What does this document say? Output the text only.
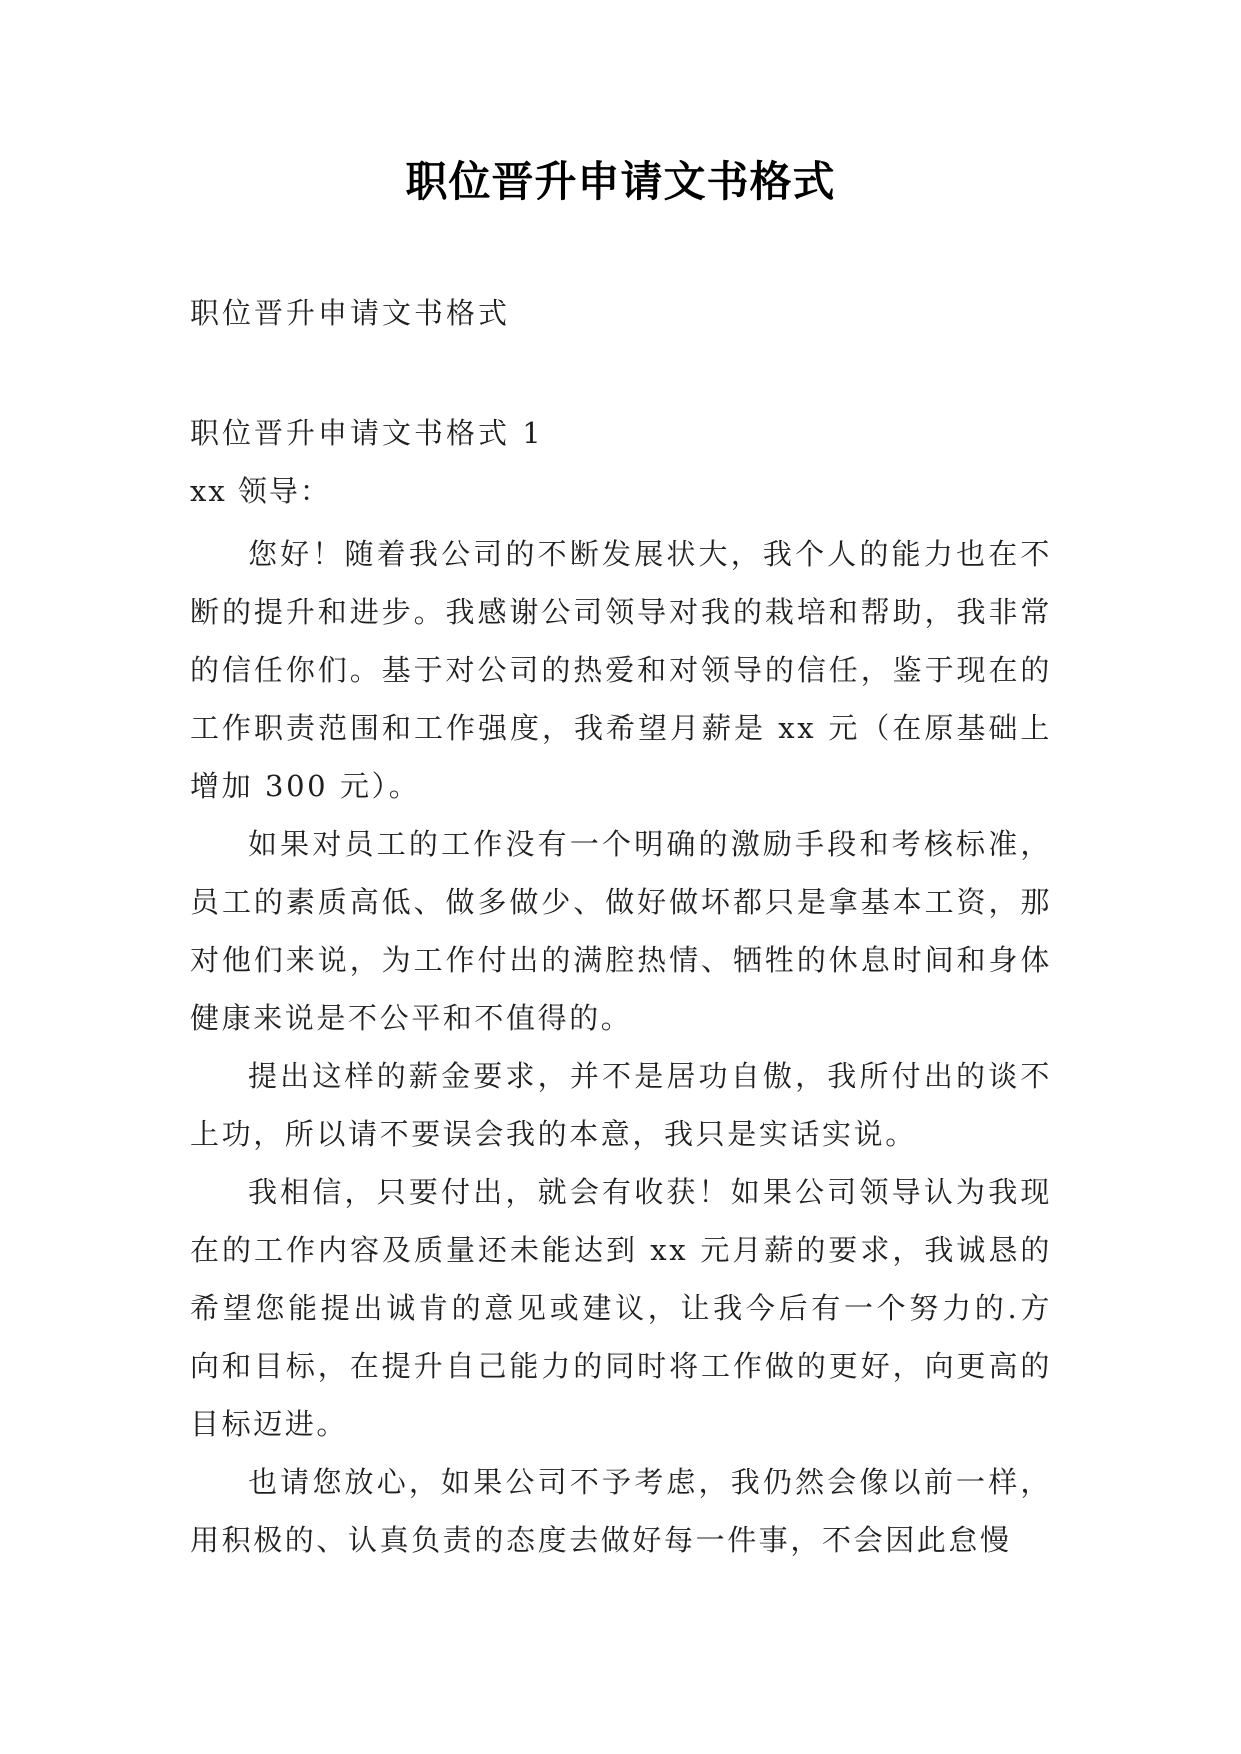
职位晋升申请文书格式

职位晋升申请文书格式

职位晋升申请文书格式 1

xx 领导：

您好！随着我公司的不断发展状大，我个人的能力也在不断的提升和进步。我感谢公司领导对我的栽培和帮助，我非常的信任你们。基于对公司的热爱和对领导的信任，鉴于现在的工作职责范围和工作强度，我希望月薪是 xx 元（在原基础上增加 300 元）。

如果对员工的工作没有一个明确的激励手段和考核标准，员工的素质高低、做多做少、做好做坏都只是拿基本工资，那对他们来说，为工作付出的满腔热情、牺牲的休息时间和身体健康来说是不公平和不值得的。

提出这样的薪金要求，并不是居功自傲，我所付出的谈不上功，所以请不要误会我的本意，我只是实话实说。

我相信，只要付出，就会有收获！如果公司领导认为我现在的工作内容及质量还未能达到 xx 元月薪的要求，我诚恳的希望您能提出诚肯的意见或建议，让我今后有一个努力的.方向和目标，在提升自己能力的同时将工作做的更好，向更高的目标迈进。

也请您放心，如果公司不予考虑，我仍然会像以前一样，用积极的、认真负责的态度去做好每一件事，不会因此怠慢
